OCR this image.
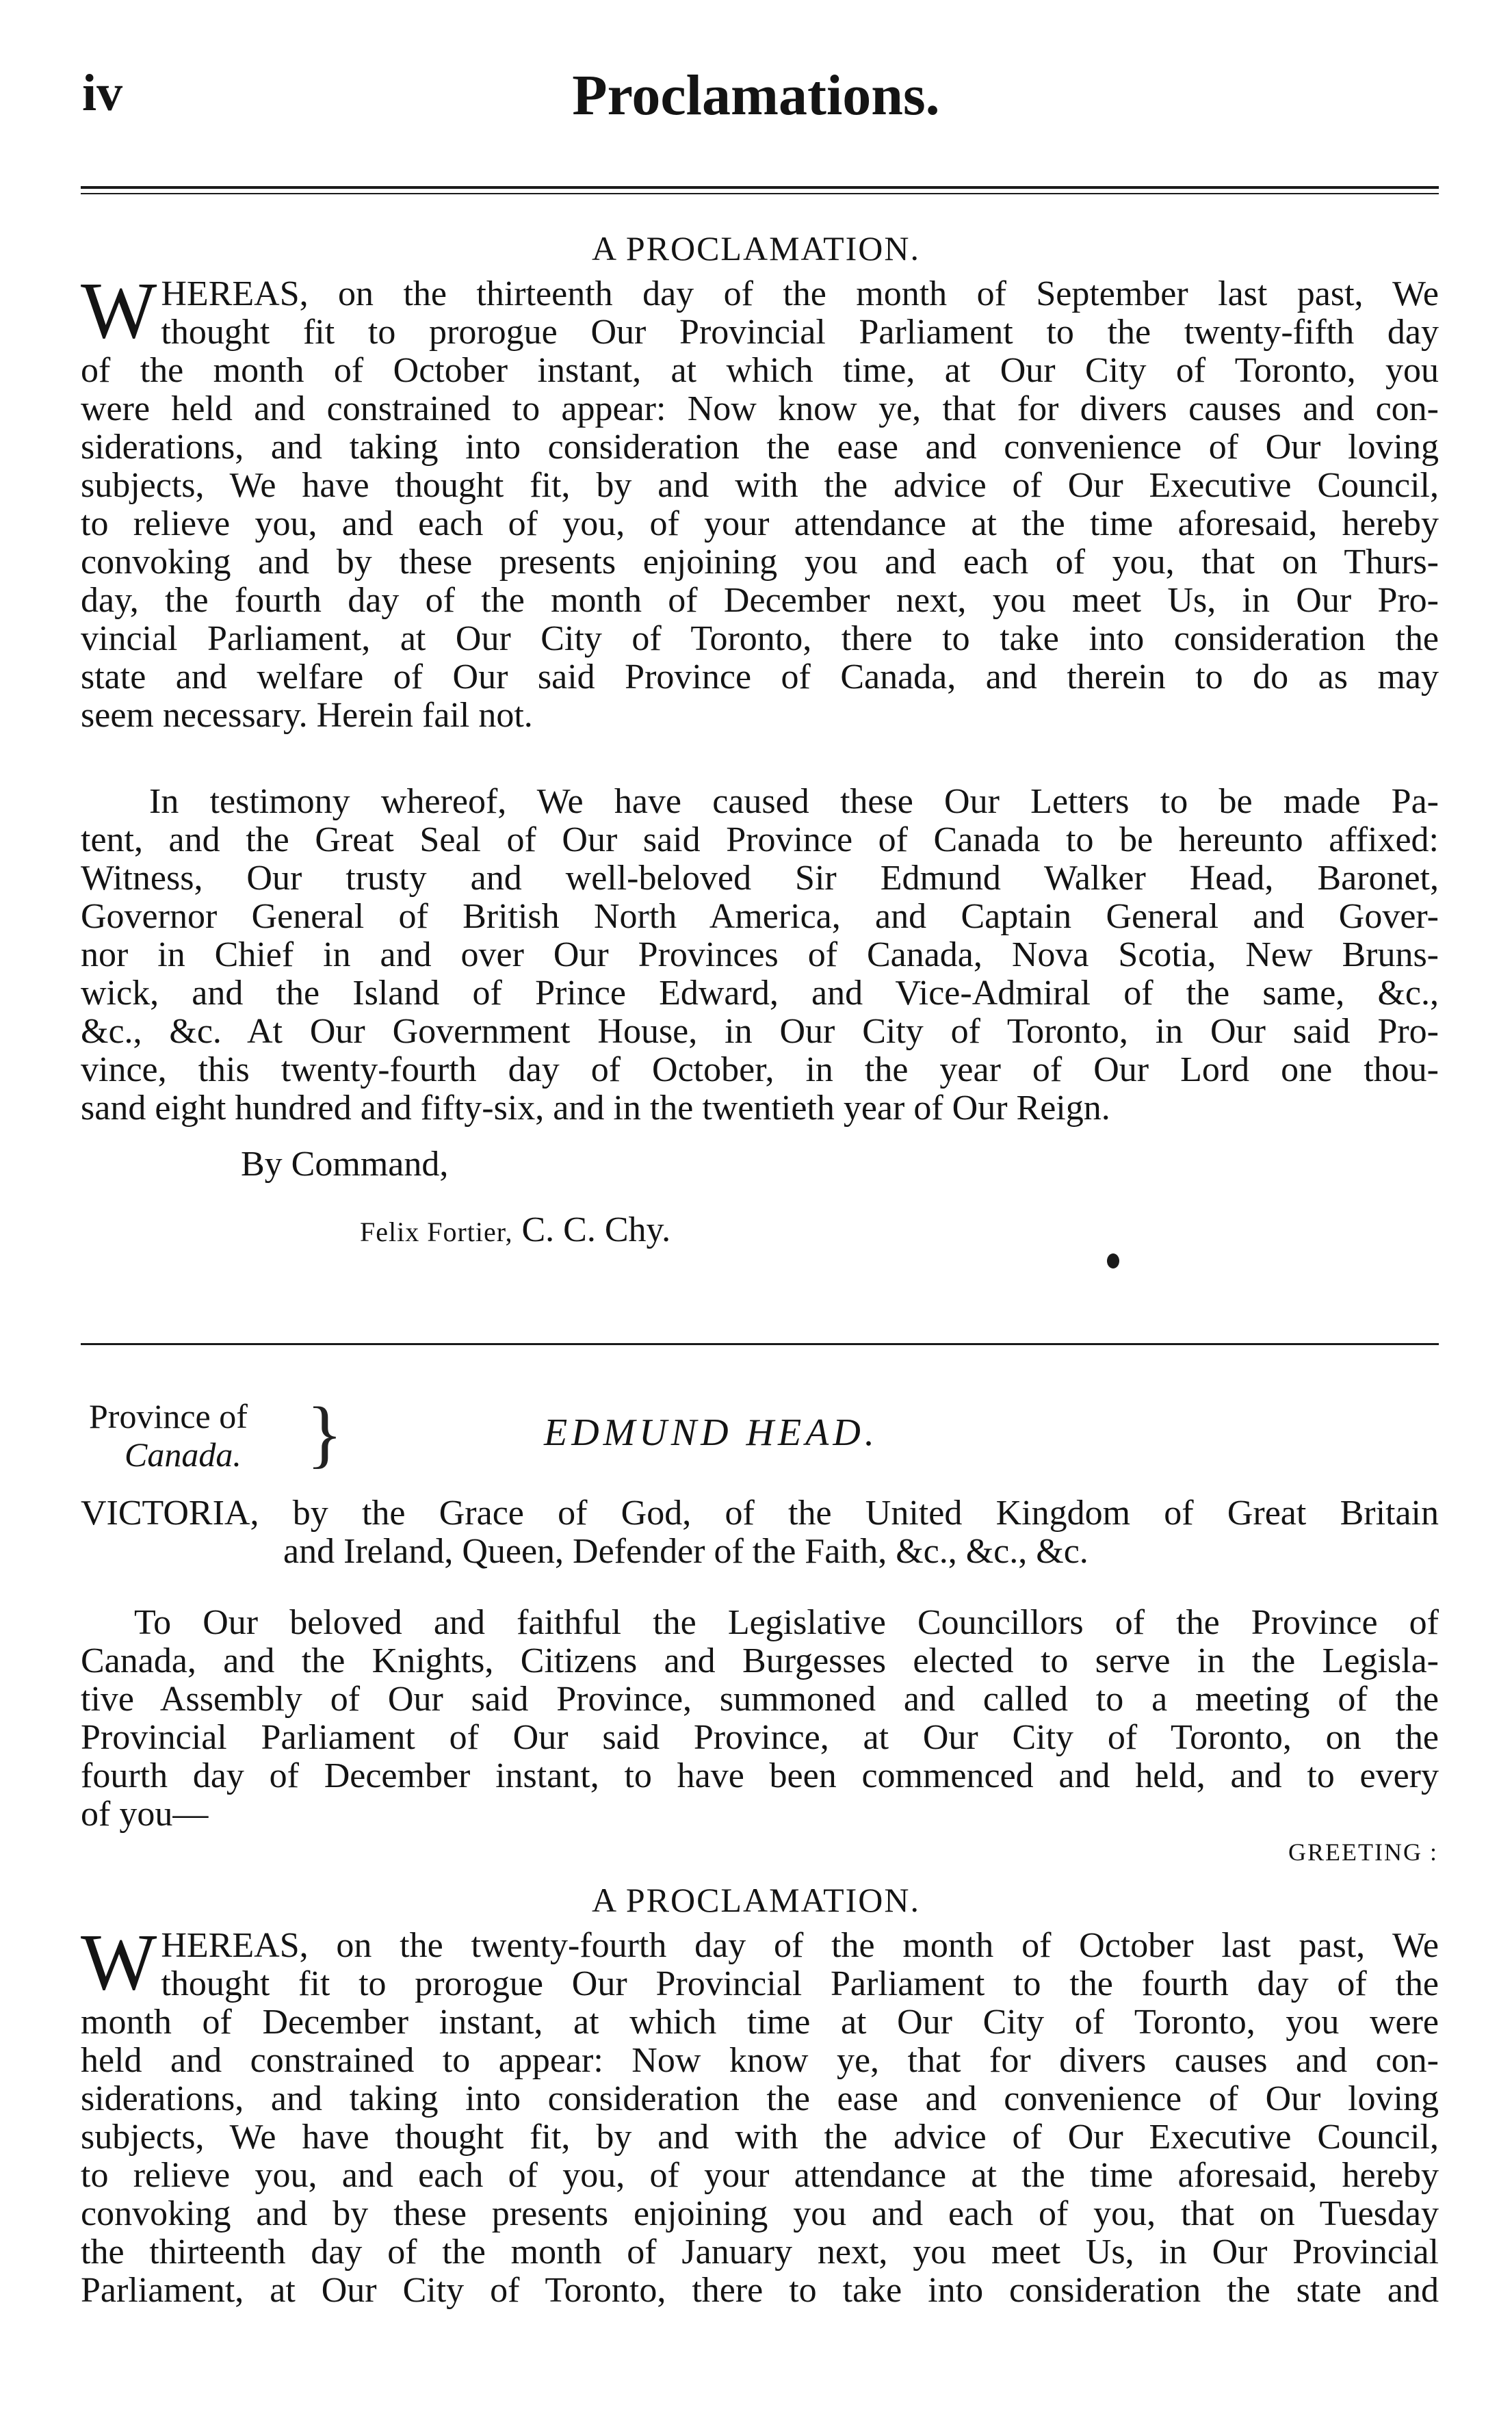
iv	Proclamations.
A PROCLAMATION.
W HEREAS, on the thirteenth day of the month of September last past, We
thought fit to prorogue Our Provincial Parliament to the twenty-fifth day
of the month of October instant, at which time, at Our City of Toronto, you
were held and constrained to appear: Now know ye, that for divers causes and con-
siderations, and taking into consideration the ease and convenience of Our loving
subjects, We have thought fit, by and with the advice of Our Executive Council,
to relieve you, and each of you, of your attendance at the time aforesaid, hereby
convoking and by these presents enjoining you and each of you, that on Thurs-
day, the fourth day of the month of December next, you meet Us, in Our Pro-
vincial Parliament, at Our City of Toronto, there to take into consideration the
state and welfare of Our said Province of Canada, and therein to do as may
seem necessary. Herein fail not.
In testimony whereof, We have caused these Our Letters to be made Pa-
tent, and the Great Seal of Our said Province of Canada to be hereunto affixed:
Witness, Our trusty and well-beloved Sir Edmund Walker Head, Baronet,
Governor General of British North America, and Captain General and Gover-
nor in Chief in and over Our Provinces of Canada, Nova Scotia, New Bruns-
wick, and the Island of Prince Edward, and Vice-Admiral of the same, &c.,
&c., &c. At Our Government House, in Our City of Toronto, in Our said Pro-
vince, this twenty-fourth day of October, in the year of Our Lord one thou-
sand eight hundred and fifty-six, and in the twentieth year of Our Reign.
By Command,
Felix Fortier, C. C. Chy.
Province of
Canada. }	EDMUND HEAD.
VICTORIA, by the Grace of God, of the United Kingdom of Great Britain
and Ireland, Queen, Defender of the Faith, &c., &c., &c.
To Our beloved and faithful the Legislative Councillors of the Province of
Canada, and the Knights, Citizens and Burgesses elected to serve in the Legisla-
tive Assembly of Our said Province, summoned and called to a meeting of the
Provincial Parliament of Our said Province, at Our City of Toronto, on the
fourth day of December instant, to have been commenced and held, and to every
of you—
GREETING :
A PROCLAMATION.
W HEREAS, on the twenty-fourth day of the month of October last past, We
thought fit to prorogue Our Provincial Parliament to the fourth day of the
month of December instant, at which time at Our City of Toronto, you were
held and constrained to appear: Now know ye, that for divers causes and con-
siderations, and taking into consideration the ease and convenience of Our loving
subjects, We have thought fit, by and with the advice of Our Executive Council,
to relieve you, and each of you, of your attendance at the time aforesaid, hereby
convoking and by these presents enjoining you and each of you, that on Tuesday
the thirteenth day of the month of January next, you meet Us, in Our Provincial
Parliament, at Our City of Toronto, there to take into consideration the state and
